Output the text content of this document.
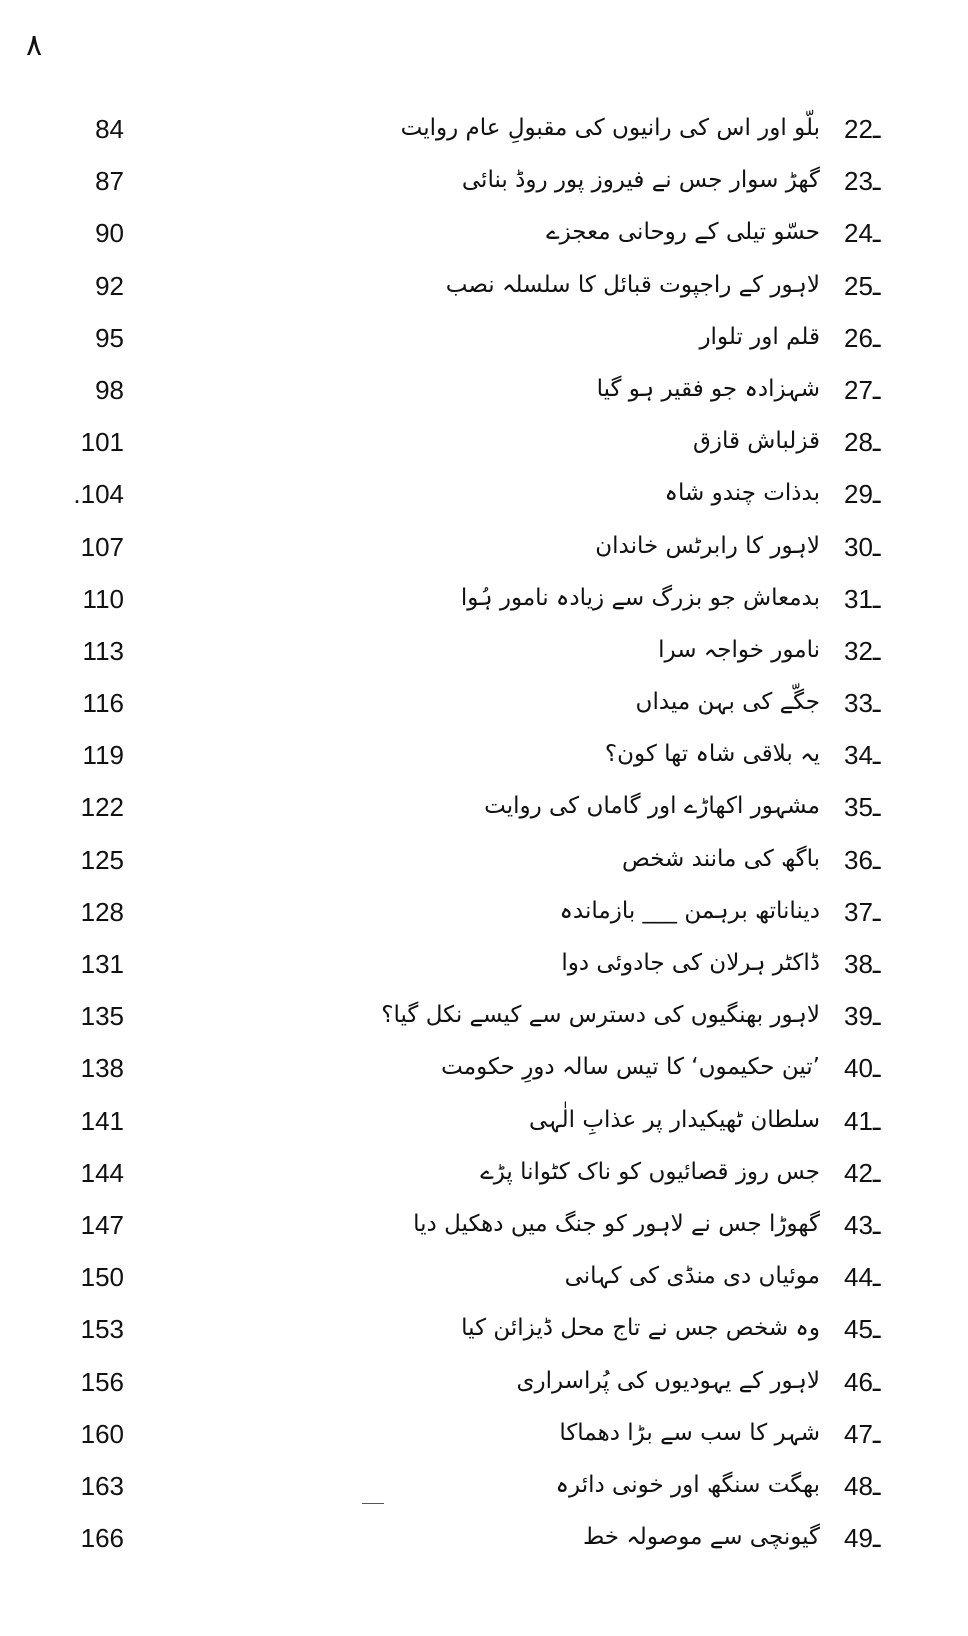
٨
84	بلّو اور اس کی رانیوں کی مقبولِ عام روایت 22ـ
87	گھڑ سوار جس نے فیروز پور روڈ بنائی 23ـ
90	حسّو تیلی کے روحانی معجزے 24ـ
92	لاہور کے راجپوت قبائل کا سلسلہ نصب 25ـ
95	قلم اور تلوار 26ـ
98	شہزادہ جو فقیر ہو گیا 27ـ
101	قزلباش قازق 28ـ
.104	بدذات چندو شاہ 29ـ
107	لاہور کا رابرٹس خاندان 30ـ
110	بدمعاش جو بزرگ سے زیادہ نامور ہُوا 31ـ
113	نامور خواجہ سرا 32ـ
116	جگّے کی بہن میداں 33ـ
119	یہ بلاقی شاہ تھا کون؟ 34ـ
122	مشہور اکھاڑے اور گاماں کی روایت 35ـ
125	باگھ کی مانند شخص 36ـ
128	دیناناتھ برہمن ___ بازماندہ 37ـ
131	ڈاکٹر ہرلان کی جادوئی دوا 38ـ
135	لاہور بھنگیوں کی دسترس سے کیسے نکل گیا؟ 39ـ
138	’تین حکیموں‘ کا تیس سالہ دورِ حکومت 40ـ
141	سلطان ٹھیکیدار پر عذابِ الٰہی 41ـ
144	جس روز قصائیوں کو ناک کٹوانا پڑے 42ـ
147	گھوڑا جس نے لاہور کو جنگ میں دھکیل دیا 43ـ
150	موئیاں دی منڈی کی کہانی 44ـ
153	وہ شخص جس نے تاج محل ڈیزائن کیا 45ـ
156	لاہور کے یہودیوں کی پُراسراری 46ـ
160	شہر کا سب سے بڑا دھماکا 47ـ
163	بھگت سنگھ اور خونی دائرہ 48ـ
166	گیونچی سے موصولہ خط 49ـ
